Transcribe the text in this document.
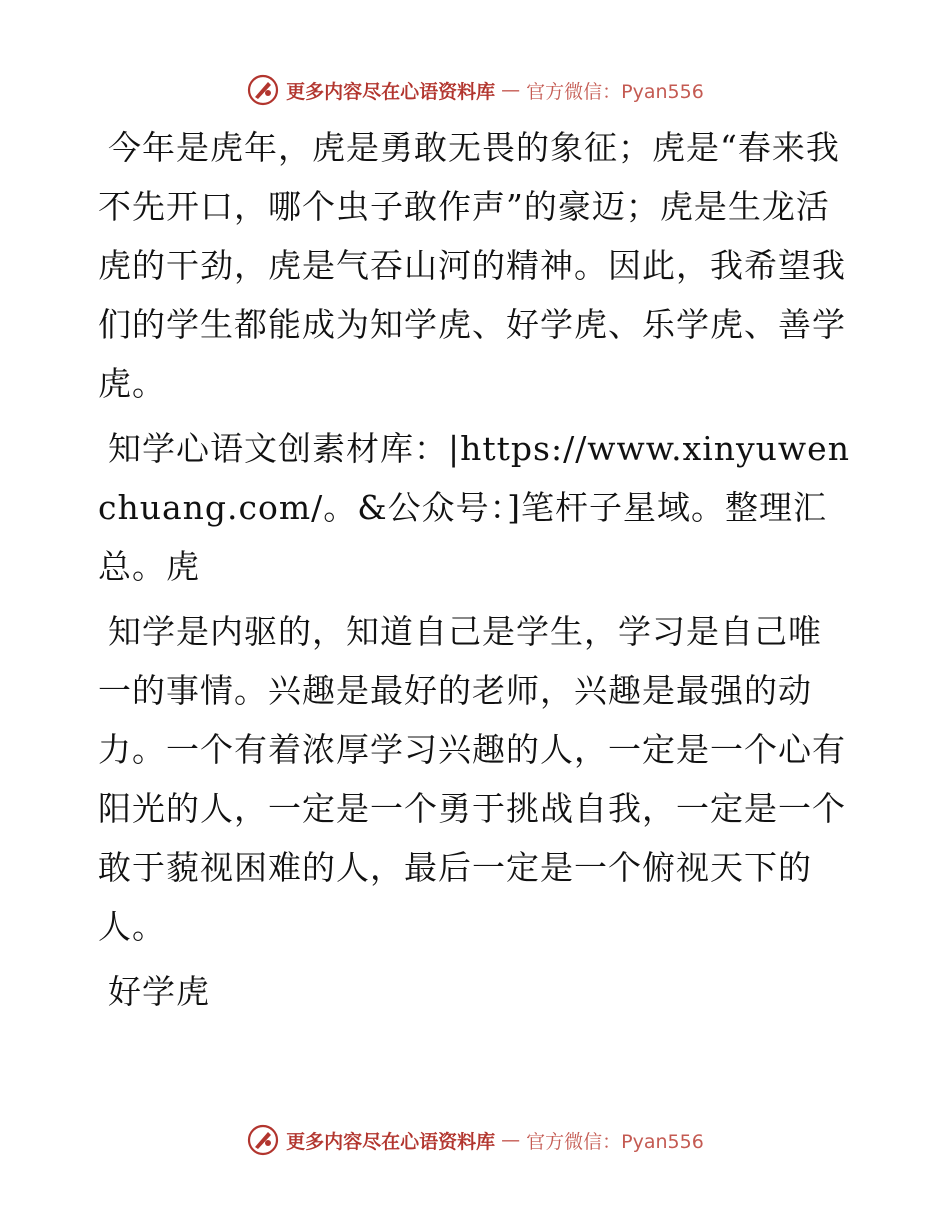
更多内容尽在心语资料库 — 官方微信：Pyan556

今年是虎年，虎是勇敢无畏的象征；虎是“春来我不先开口，哪个虫子敢作声”的豪迈；虎是生龙活虎的干劲，虎是气吞山河的精神。因此，我希望我们的学生都能成为知学虎、好学虎、乐学虎、善学虎。

知学心语文创素材库：|https://www.xinyuwenchuang.com/。&公众号：]笔杆子星域。整理汇总。虎

知学是内驱的，知道自己是学生，学习是自己唯一的事情。兴趣是最好的老师，兴趣是最强的动力。一个有着浓厚学习兴趣的人，一定是一个心有阳光的人，一定是一个勇于挑战自我，一定是一个敢于藐视困难的人，最后一定是一个俯视天下的人。

好学虎

更多内容尽在心语资料库 — 官方微信：Pyan556
